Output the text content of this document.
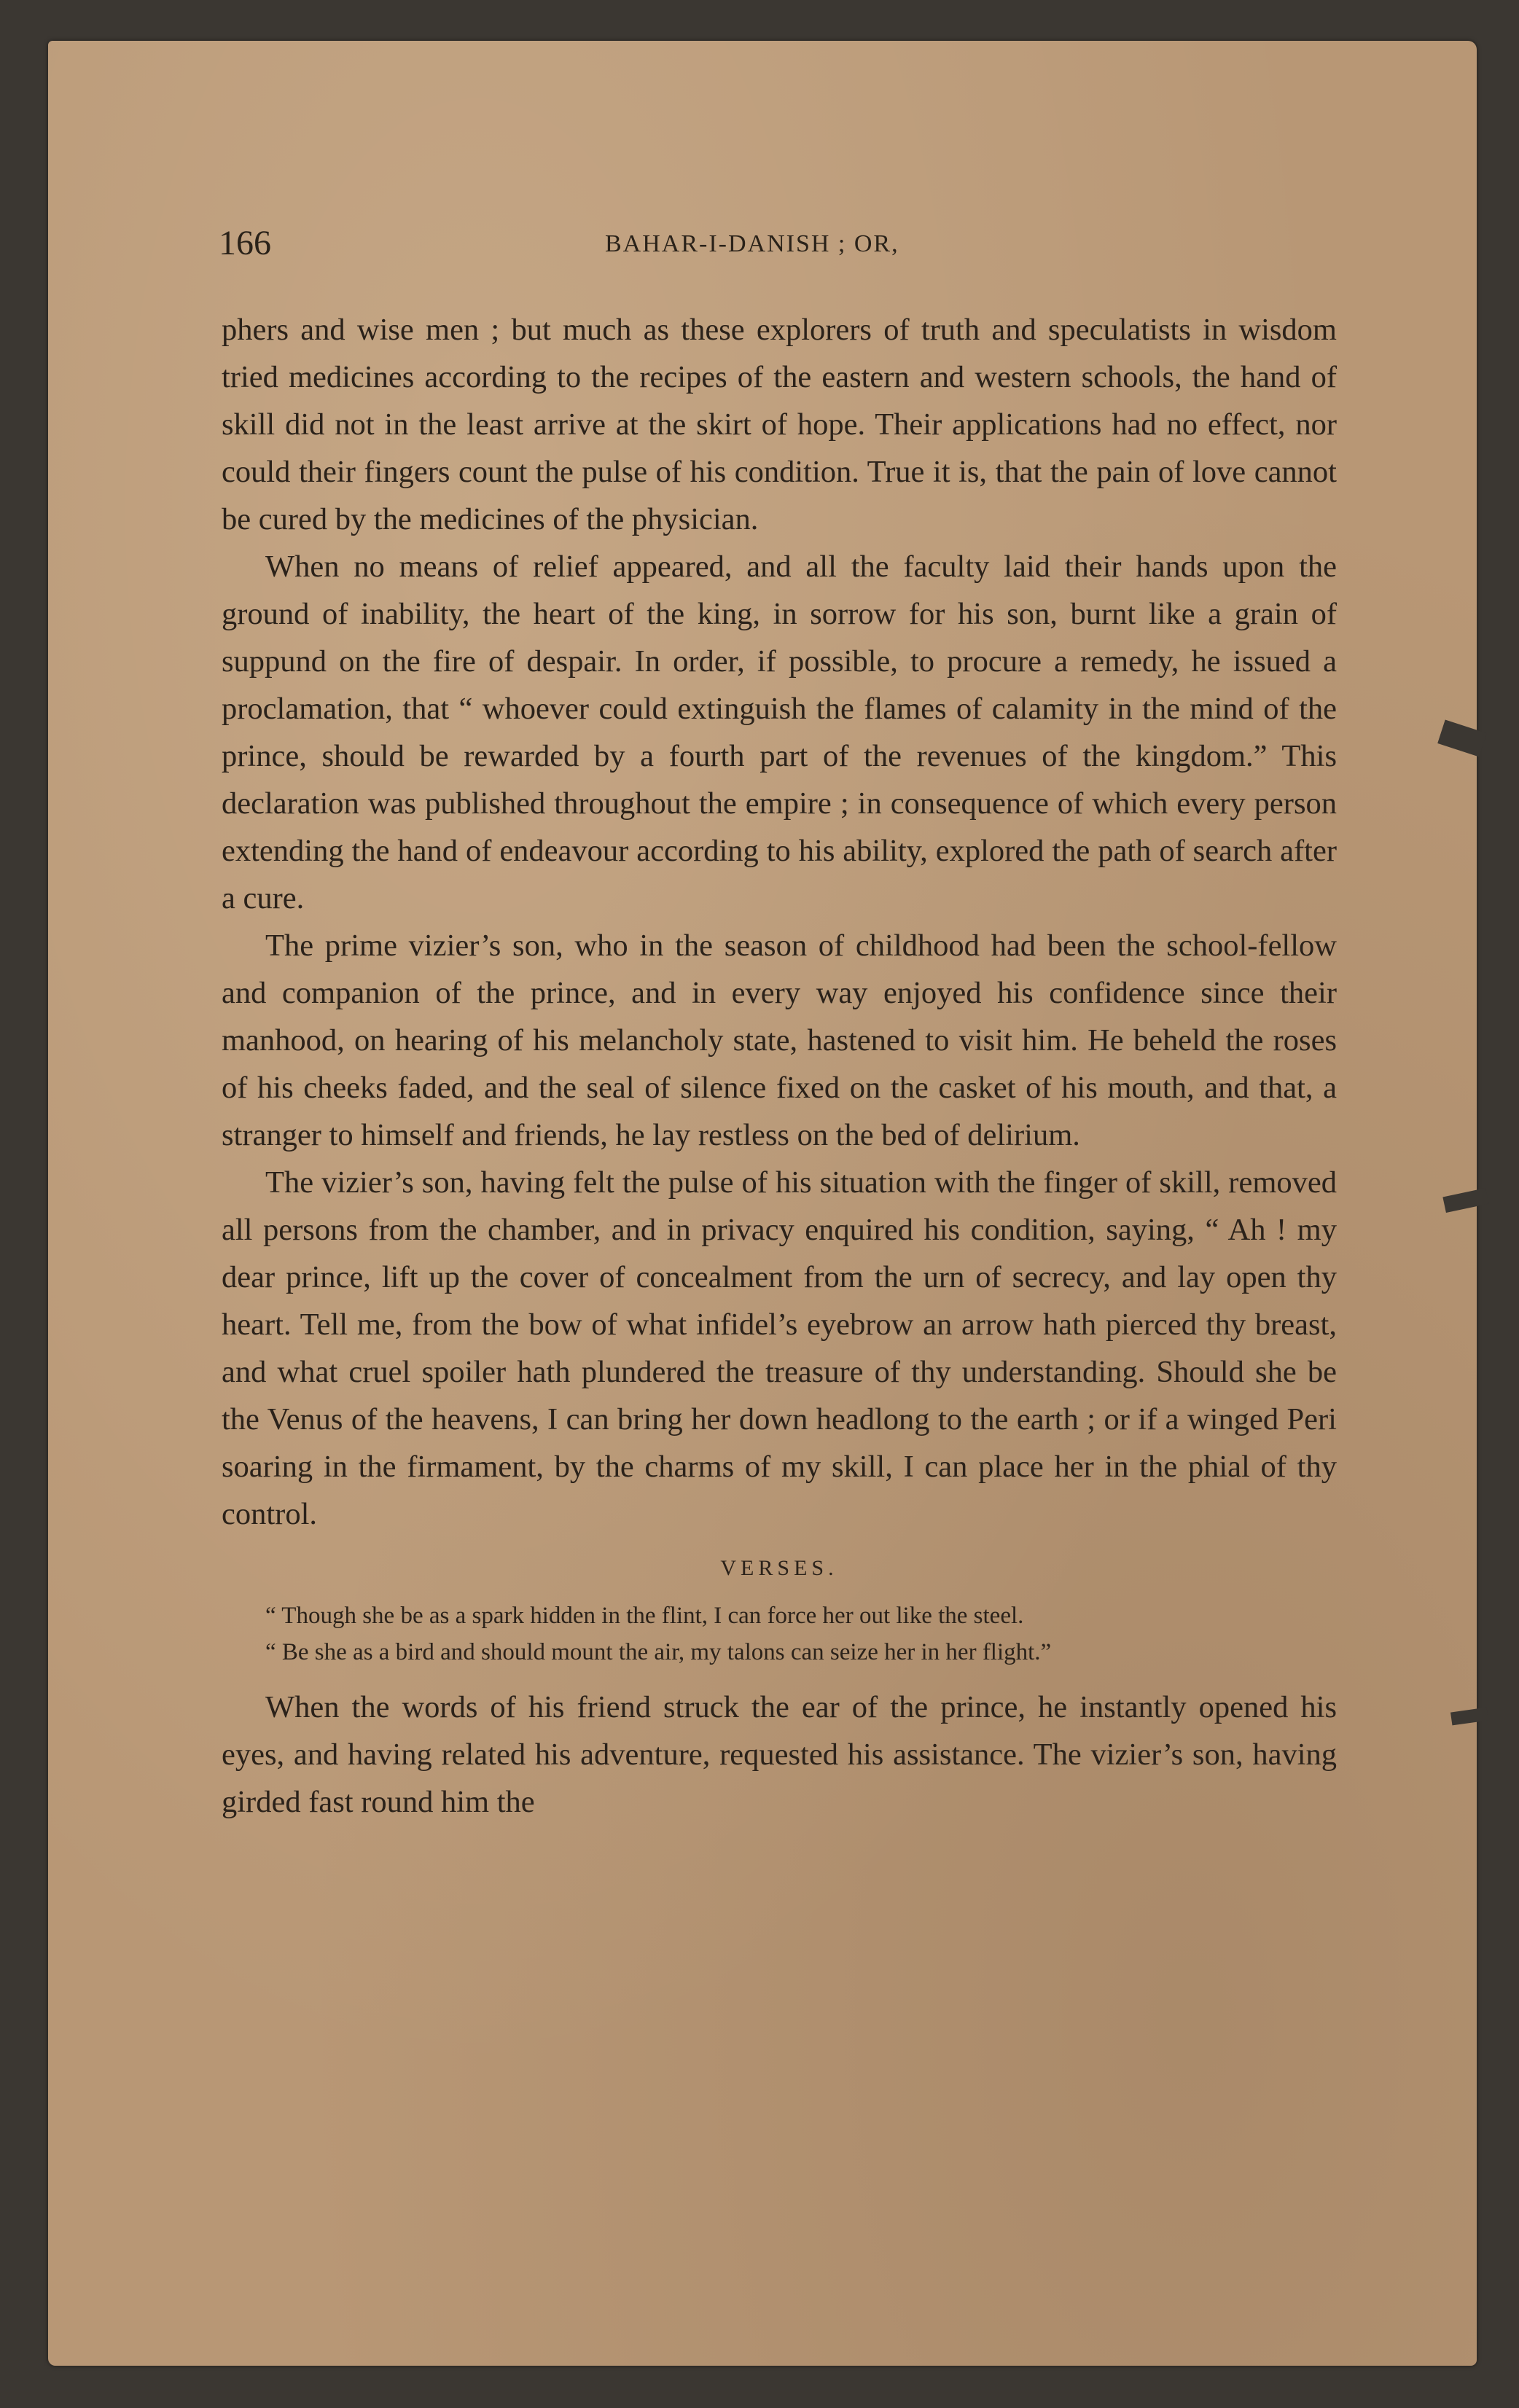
166	BAHAR-I-DANISH ; OR,

phers and wise men ; but much as these explorers of truth and speculatists in wisdom tried medicines according to the recipes of the eastern and western schools, the hand of skill did not in the least arrive at the skirt of hope. Their applications had no effect, nor could their fingers count the pulse of his condition. True it is, that the pain of love cannot be cured by the medicines of the physician.

When no means of relief appeared, and all the faculty laid their hands upon the ground of inability, the heart of the king, in sorrow for his son, burnt like a grain of suppund on the fire of despair. In order, if possible, to procure a remedy, he issued a proclamation, that “ whoever could extinguish the flames of calamity in the mind of the prince, should be rewarded by a fourth part of the revenues of the kingdom.” This declaration was published throughout the empire ; in consequence of which every person extending the hand of endeavour according to his ability, explored the path of search after a cure.

The prime vizier’s son, who in the season of childhood had been the school-fellow and companion of the prince, and in every way enjoyed his confidence since their manhood, on hearing of his melancholy state, hastened to visit him. He beheld the roses of his cheeks faded, and the seal of silence fixed on the casket of his mouth, and that, a stranger to himself and friends, he lay restless on the bed of delirium.

The vizier’s son, having felt the pulse of his situation with the finger of skill, removed all persons from the chamber, and in privacy enquired his condition, saying, “ Ah ! my dear prince, lift up the cover of concealment from the urn of secrecy, and lay open thy heart. Tell me, from the bow of what infidel’s eyebrow an arrow hath pierced thy breast, and what cruel spoiler hath plundered the treasure of thy understanding. Should she be the Venus of the heavens, I can bring her down headlong to the earth ; or if a winged Peri soaring in the firmament, by the charms of my skill, I can place her in the phial of thy control.

VERSES.

“ Though she be as a spark hidden in the flint, I can force her out like the steel.

“ Be she as a bird and should mount the air, my talons can seize her in her flight.”

When the words of his friend struck the ear of the prince, he instantly opened his eyes, and having related his adventure, requested his assistance. The vizier’s son, having girded fast round him the
